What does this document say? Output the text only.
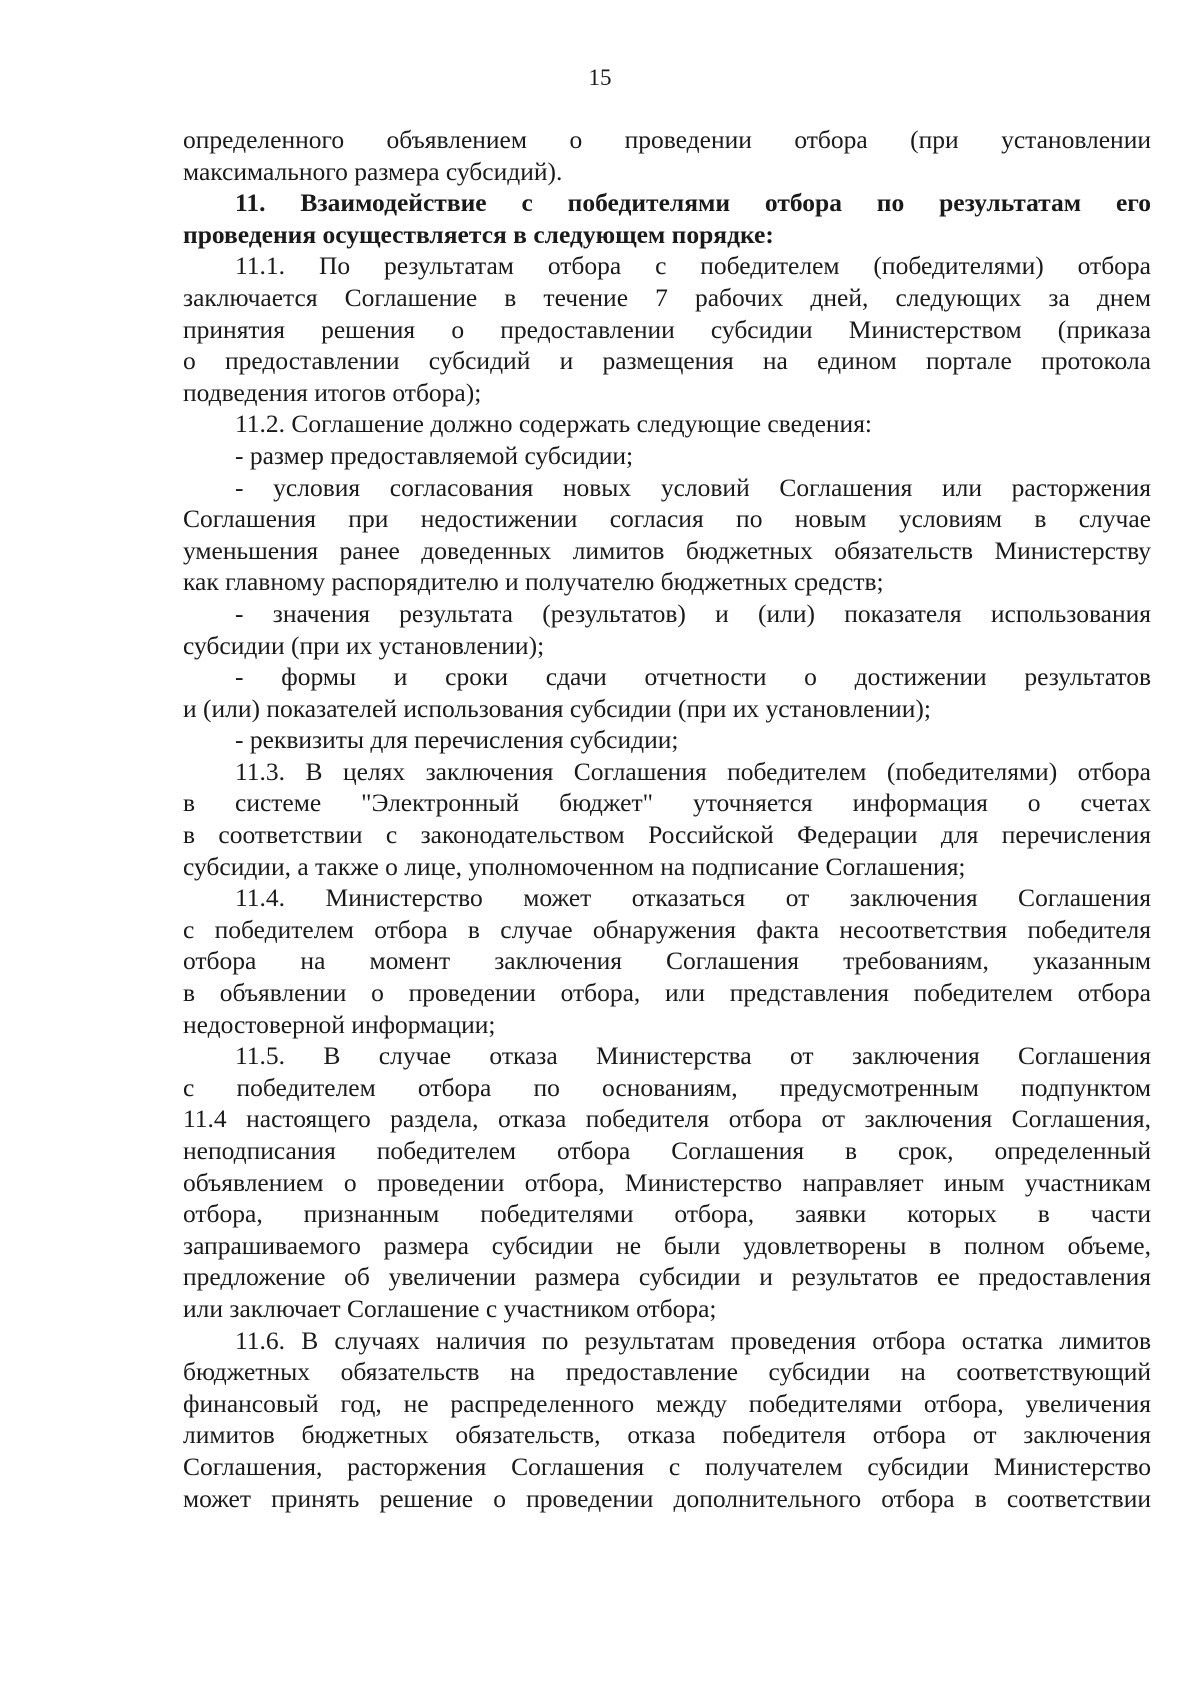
15
определенного объявлением о проведении отбора (при установлении
максимального размера субсидий).
11. Взаимодействие с победителями отбора по результатам его
проведения осуществляется в следующем порядке:
11.1. По результатам отбора с победителем (победителями) отбора
заключается Соглашение в течение 7 рабочих дней, следующих за днем
принятия решения о предоставлении субсидии Министерством (приказа
о предоставлении субсидий и размещения на едином портале протокола
подведения итогов отбора);
11.2. Соглашение должно содержать следующие сведения:
- размер предоставляемой субсидии;
- условия согласования новых условий Соглашения или расторжения
Соглашения при недостижении согласия по новым условиям в случае
уменьшения ранее доведенных лимитов бюджетных обязательств Министерству
как главному распорядителю и получателю бюджетных средств;
- значения результата (результатов) и (или) показателя использования
субсидии (при их установлении);
- формы и сроки сдачи отчетности о достижении результатов
и (или) показателей использования субсидии (при их установлении);
- реквизиты для перечисления субсидии;
11.3. В целях заключения Соглашения победителем (победителями) отбора
в системе "Электронный бюджет" уточняется информация о счетах
в соответствии с законодательством Российской Федерации для перечисления
субсидии, а также о лице, уполномоченном на подписание Соглашения;
11.4. Министерство может отказаться от заключения Соглашения
с победителем отбора в случае обнаружения факта несоответствия победителя
отбора на момент заключения Соглашения требованиям, указанным
в объявлении о проведении отбора, или представления победителем отбора
недостоверной информации;
11.5. В случае отказа Министерства от заключения Соглашения
с победителем отбора по основаниям, предусмотренным подпунктом
11.4 настоящего раздела, отказа победителя отбора от заключения Соглашения,
неподписания победителем отбора Соглашения в срок, определенный
объявлением о проведении отбора, Министерство направляет иным участникам
отбора, признанным победителями отбора, заявки которых в части
запрашиваемого размера субсидии не были удовлетворены в полном объеме,
предложение об увеличении размера субсидии и результатов ее предоставления
или заключает Соглашение с участником отбора;
11.6. В случаях наличия по результатам проведения отбора остатка лимитов
бюджетных обязательств на предоставление субсидии на соответствующий
финансовый год, не распределенного между победителями отбора, увеличения
лимитов бюджетных обязательств, отказа победителя отбора от заключения
Соглашения, расторжения Соглашения с получателем субсидии Министерство
может принять решение о проведении дополнительного отбора в соответствии
